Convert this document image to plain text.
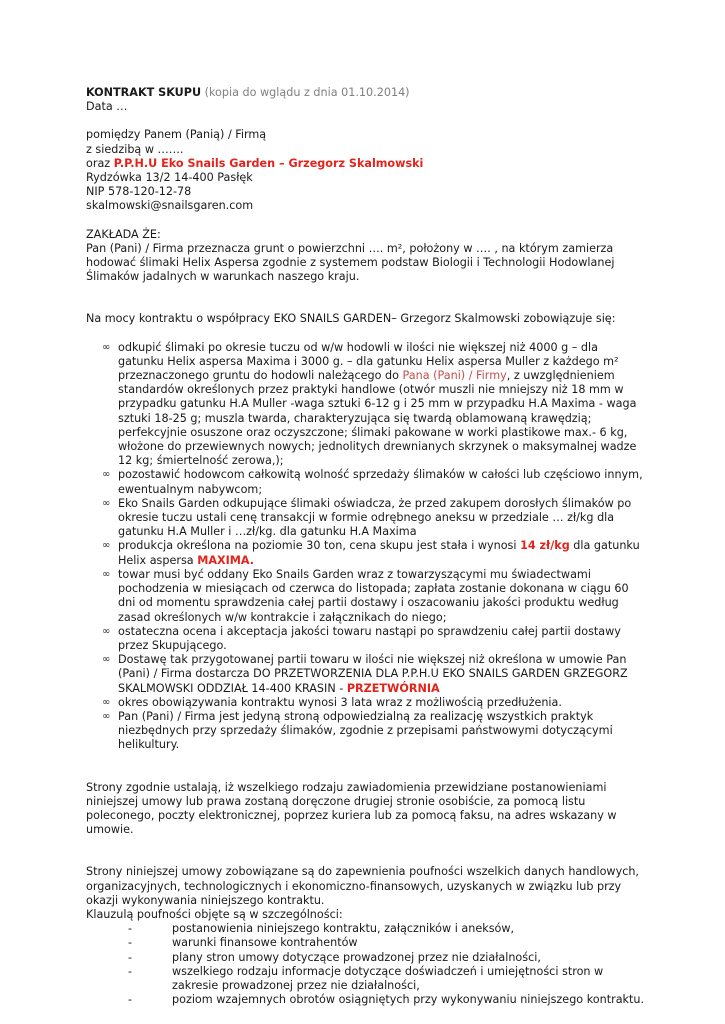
KONTRAKT SKUPU (kopia do wglądu z dnia 01.10.2014)

Data …

pomiędzy Panem (Panią) / Firmą

z siedzibą w …….

oraz P.P.H.U Eko Snails Garden – Grzegorz Skalmowski

Rydzówka 13/2 14-400 Pasłęk

NIP 578-120-12-78

skalmowski@snailsgaren.com

ZAKŁADA ŻE:

Pan (Pani) / Firma przeznacza grunt o powierzchni …. m², położony w …. , na którym zamierza hodować ślimaki Helix Aspersa zgodnie z systemem podstaw Biologii i Technologii Hodowlanej Ślimaków jadalnych w warunkach naszego kraju.

Na mocy kontraktu o współpracy EKO SNAILS GARDEN– Grzegorz Skalmowski zobowiązuje się:

∞ odkupić ślimaki po okresie tuczu od w/w hodowli w ilości nie większej niż 4000 g – dla gatunku Helix aspersa Maxima i 3000 g. – dla gatunku Helix aspersa Muller z każdego m² przeznaczonego gruntu do hodowli należącego do Pana (Pani) / Firmy, z uwzględnieniem standardów określonych przez praktyki handlowe (otwór muszli nie mniejszy niż 18 mm w przypadku gatunku H.A Muller -waga sztuki 6-12 g i 25 mm w przypadku H.A Maxima - waga sztuki 18-25 g; muszla twarda, charakteryzująca się twardą oblamowaną krawędzią; perfekcyjnie osuszone oraz oczyszczone; ślimaki pakowane w worki plastikowe max.- 6 kg, włożone do przewiewnych nowych; jednolitych drewnianych skrzynek o maksymalnej wadze 12 kg; śmiertelność zerowa,);
∞ pozostawić hodowcom całkowitą wolność sprzedaży ślimaków w całości lub częściowo innym, ewentualnym nabywcom;
∞ Eko Snails Garden odkupujące ślimaki oświadcza, że przed zakupem dorosłych ślimaków po okresie tuczu ustali cenę transakcji w formie odrębnego aneksu w przedziale … zł/kg dla gatunku H.A Muller i …zł/kg. dla gatunku H.A Maxima
∞ produkcja określona na poziomie 30 ton, cena skupu jest stała i wynosi 14 zł/kg dla gatunku Helix aspersa MAXIMA.
∞ towar musi być oddany Eko Snails Garden wraz z towarzyszącymi mu świadectwami pochodzenia w miesiącach od czerwca do listopada; zapłata zostanie dokonana w ciągu 60 dni od momentu sprawdzenia całej partii dostawy i oszacowaniu jakości produktu według zasad określonych w/w kontrakcie i załącznikach do niego;
∞ ostateczna ocena i akceptacja jakości towaru nastąpi po sprawdzeniu całej partii dostawy przez Skupującego.
∞ Dostawę tak przygotowanej partii towaru w ilości nie większej niż określona w umowie Pan (Pani) / Firma dostarcza DO PRZETWORZENIA DLA P.P.H.U EKO SNAILS GARDEN GRZEGORZ SKALMOWSKI ODDZIAŁ 14-400 KRASIN - PRZETWÓRNIA
∞ okres obowiązywania kontraktu wynosi 3 lata wraz z możliwością przedłużenia.
∞ Pan (Pani) / Firma jest jedyną stroną odpowiedzialną za realizację wszystkich praktyk niezbędnych przy sprzedaży ślimaków, zgodnie z przepisami państwowymi dotyczącymi helikultury.

Strony zgodnie ustalają, iż wszelkiego rodzaju zawiadomienia przewidziane postanowieniami niniejszej umowy lub prawa zostaną doręczone drugiej stronie osobiście, za pomocą listu poleconego, poczty elektronicznej, poprzez kuriera lub za pomocą faksu, na adres wskazany w umowie.

Strony niniejszej umowy zobowiązane są do zapewnienia poufności wszelkich danych handlowych, organizacyjnych, technologicznych i ekonomiczno-finansowych, uzyskanych w związku lub przy okazji wykonywania niniejszego kontraktu.

Klauzulą poufności objęte są w szczególności:

-	postanowienia niniejszego kontraktu, załączników i aneksów,
-	warunki finansowe kontrahentów
-	plany stron umowy dotyczące prowadzonej przez nie działalności,
-	wszelkiego rodzaju informacje dotyczące doświadczeń i umiejętności stron w zakresie prowadzonej przez nie działalności,
-	poziom wzajemnych obrotów osiągniętych przy wykonywaniu niniejszego kontraktu.
